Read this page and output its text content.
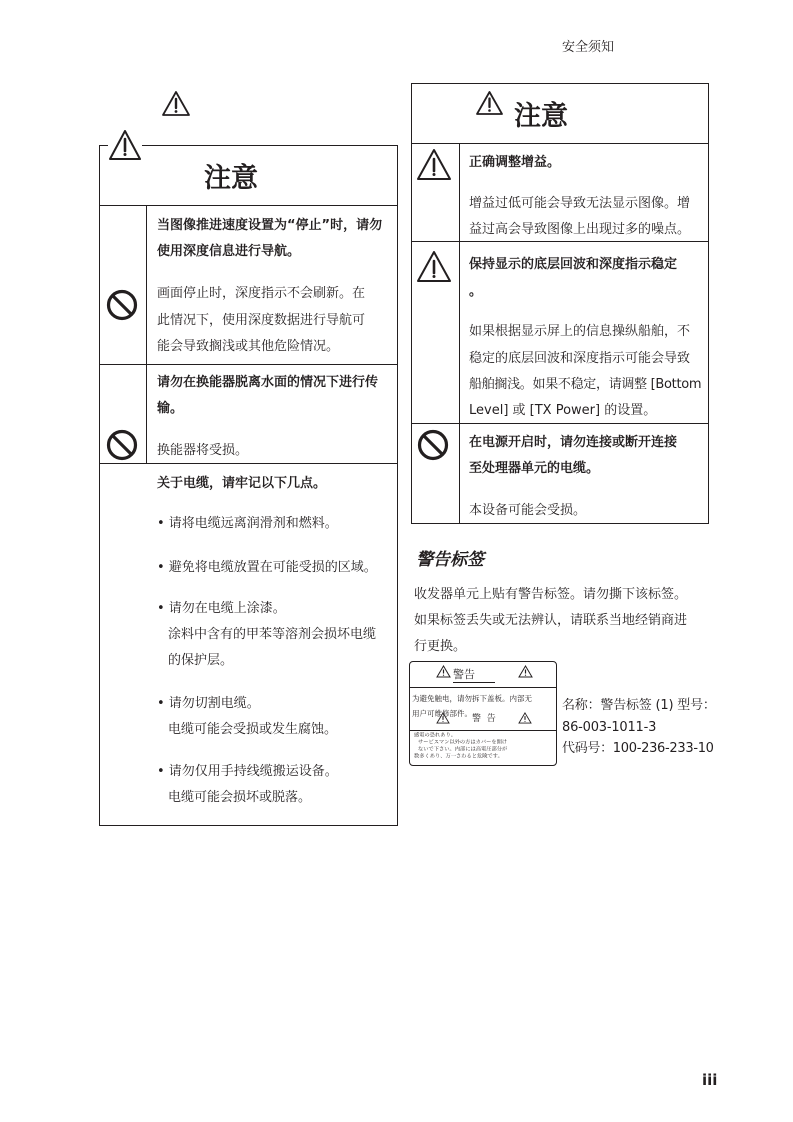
安全须知
iii
注意
当图像推进速度设置为“停止”时，请勿
使用深度信息进行导航。
画面停止时，深度指示不会刷新。在
此情况下，使用深度数据进行导航可
能会导致搁浅或其他危险情况。
请勿在换能器脱离水面的情况下进行传
输。
换能器将受损。
关于电缆，请牢记以下几点。
• 请将电缆远离润滑剂和燃料。
• 避免将电缆放置在可能受损的区域。
• 请勿在电缆上涂漆。
涂料中含有的甲苯等溶剂会损坏电缆
的保护层。
• 请勿切割电缆。
电缆可能会受损或发生腐蚀。
• 请勿仅用手持线缆搬运设备。
电缆可能会损坏或脱落。
注意
正确调整增益。
增益过低可能会导致无法显示图像。增
益过高会导致图像上出现过多的噪点。
保持显示的底层回波和深度指示稳定
。
如果根据显示屏上的信息操纵船舶，不
稳定的底层回波和深度指示可能会导致
船舶搁浅。如果不稳定，请调整 [Bottom
Level] 或 [TX Power] 的设置。
在电源开启时，请勿连接或断开连接
至处理器单元的电缆。
本设备可能会受损。
警告标签
收发器单元上贴有警告标签。请勿撕下该标签。
如果标签丢失或无法辨认，请联系当地经销商进
行更换。
警告
为避免触电，请勿拆下盖板。内部无
用户可维修部件。
警  告
感電の恐れあり。
サービスマン以外の方はカバーを開け
ないで下さい。内部には高電圧部分が
数多くあり、万一さわると危険です。
名称：警告标签 (1) 型号：
86-003-1011-3
代码号：100-236-233-10
